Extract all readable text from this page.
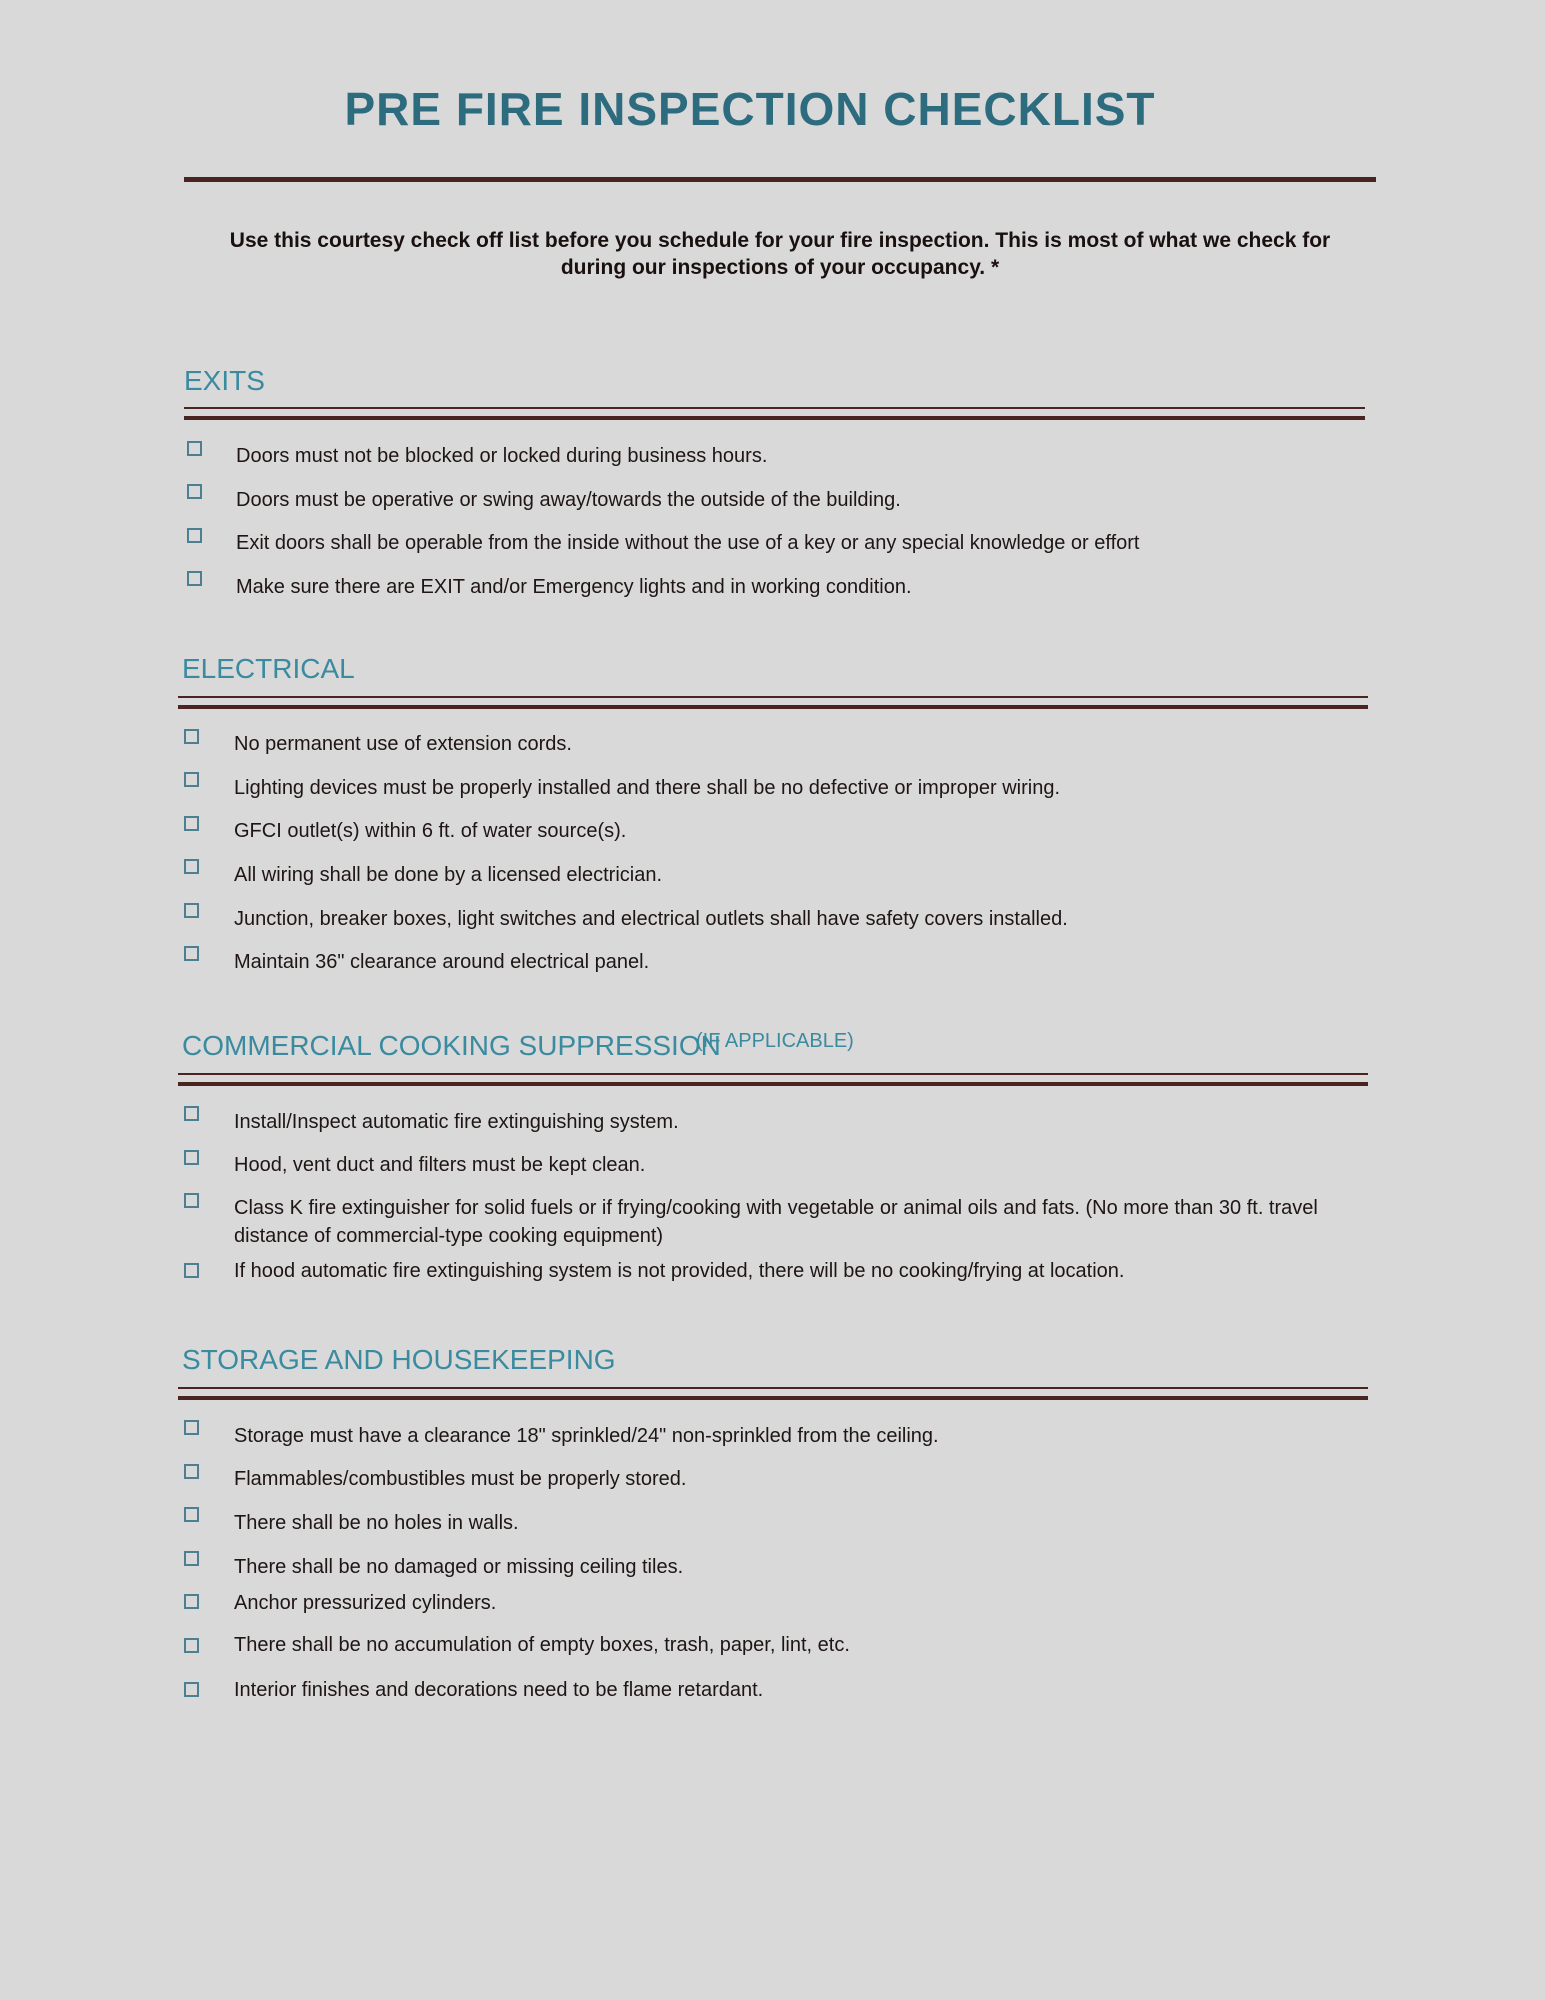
PRE FIRE INSPECTION CHECKLIST
Use this courtesy check off list before you schedule for your fire inspection. This is most of what we check for during our inspections of your occupancy. *
EXITS
Doors must not be blocked or locked during business hours.
Doors must be operative or swing away/towards the outside of the building.
Exit doors shall be operable from the inside without the use of a key or any special knowledge or effort
Make sure there are EXIT and/or Emergency lights and in working condition.
ELECTRICAL
No permanent use of extension cords.
Lighting devices must be properly installed and there shall be no defective or improper wiring.
GFCI outlet(s) within 6 ft. of water source(s).
All wiring shall be done by a licensed electrician.
Junction, breaker boxes, light switches and electrical outlets shall have safety covers installed.
Maintain 36" clearance around electrical panel.
COMMERCIAL COOKING SUPPRESSION
(IF APPLICABLE)
Install/Inspect automatic fire extinguishing system.
Hood, vent duct and filters must be kept clean.
Class K fire extinguisher for solid fuels or if frying/cooking with vegetable or animal oils and fats. (No more than 30 ft. travel distance of commercial-type cooking equipment)
If hood automatic fire extinguishing system is not provided, there will be no cooking/frying at location.
STORAGE AND HOUSEKEEPING
Storage must have a clearance 18" sprinkled/24" non-sprinkled from the ceiling.
Flammables/combustibles must be properly stored.
There shall be no holes in walls.
There shall be no damaged or missing ceiling tiles.
Anchor pressurized cylinders.
There shall be no accumulation of empty boxes, trash, paper, lint, etc.
Interior finishes and decorations need to be flame retardant.
